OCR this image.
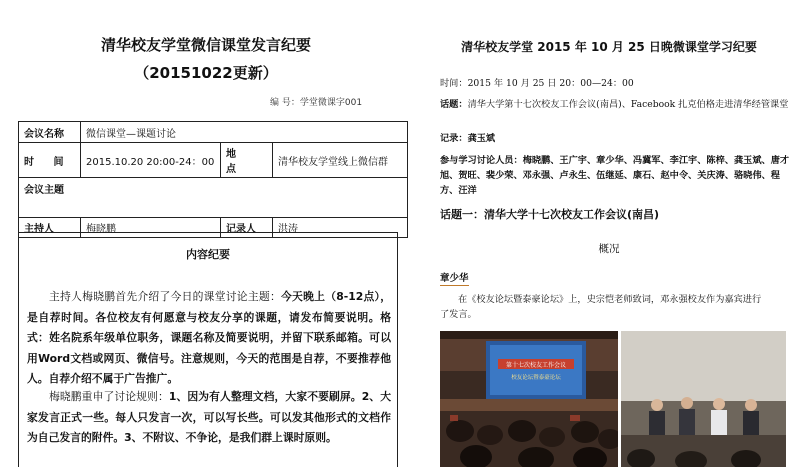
清华校友学堂微信课堂发言纪要
（20151022更新）
编 号：学堂微课字001
会议名称	微信课堂—课题讨论		
时 间	2015.10.20 20:00-24：00	地 点	清华校友学堂线上微信群
会议主题			
主持人	梅晓鹏	记录人	洪涛
内容纪要
主持人梅晓鹏首先介绍了今日的课堂讨论主题：今天晚上（8-12点），是自荐时间。各位校友有何愿意与校友分享的课题，请发布简要说明。格式：姓名院系年级单位职务，课题名称及简要说明，并留下联系邮箱。可以用Word文档或网页、微信号。注意规则，今天的范围是自荐，不要推荐他人。自荐介绍不属于广告推广。
梅晓鹏重申了讨论规则：1、因为有人整理文档，大家不要刷屏。2、大家发言正式一些。每人只发言一次，可以写长些。可以发其他形式的文档作为自己发言的附件。3、不附议、不争论，是我们群上课时原则。
清华校友学堂 2015 年 10 月 25 日晚微课堂学习纪要
时间：2015 年 10 月 25 日 20：00—24：00
话题：清华大学第十七次校友工作会议(南昌)、Facebook 扎克伯格走进清华经管课堂
记录：龚玉斌
参与学习讨论人员：梅晓鹏、王广宇、章少华、冯冀军、李江宇、陈梓、龚玉斌、唐才旭、贺旺、裴少荣、邓永强、卢永生、伍继延、康石、赵中令、关庆涛、骆晓伟、程方、汪洋
话题一：清华大学十七次校友工作会议(南昌)
概况
章少华
在《校友论坛暨泰豪论坛》上，史宗恺老师致词，邓永强校友作为嘉宾进行了发言。
第十七次校友工作会议
校友论坛暨泰豪论坛
